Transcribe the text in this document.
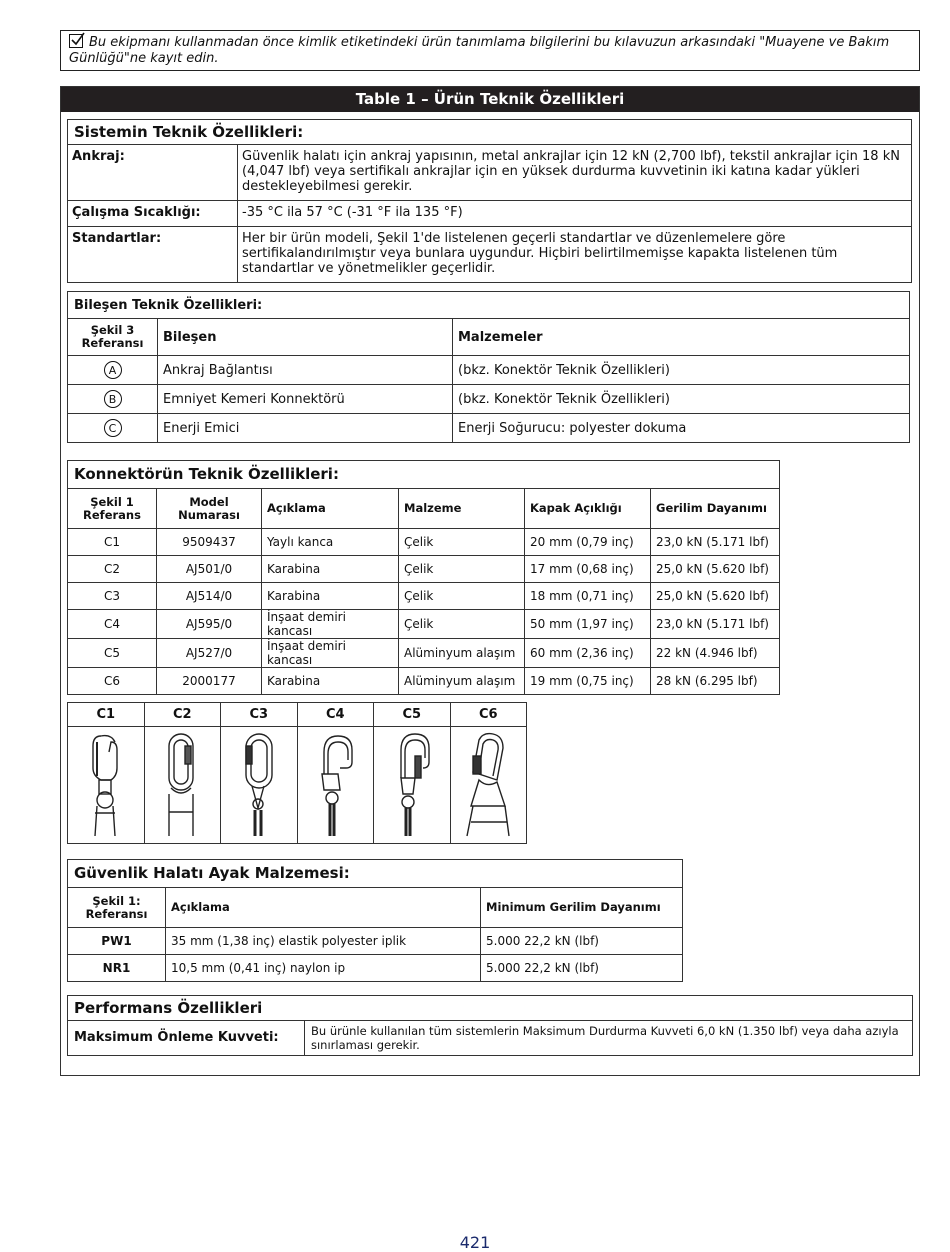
Bu ekipmanı kullanmadan önce kimlik etiketindeki ürün tanımlama bilgilerini bu kılavuzun arkasındaki "Muayene ve Bakım Günlüğü"ne kayıt edin.
Table 1 – Ürün Teknik Özellikleri
Sistemin Teknik Özellikleri:	
Ankraj:	Güvenlik halatı için ankraj yapısının, metal ankrajlar için 12 kN (2,700 lbf), tekstil ankrajlar için 18 kN (4,047 lbf) veya sertifikalı ankrajlar için en yüksek durdurma kuvvetinin iki katına kadar yükleri destekleyebilmesi gerekir.
Çalışma Sıcaklığı:	-35 °C ila 57 °C (-31 °F ila 135 °F)
Standartlar:	Her bir ürün modeli, Şekil 1'de listelenen geçerli standartlar ve düzenlemelere göre sertifikalandırılmıştır veya bunlara uygundur. Hiçbiri belirtilmemişse kapakta listelenen tüm standartlar ve yönetmelikler geçerlidir.
Bileşen Teknik Özellikleri:		
Şekil 3 Referansı	Bileşen	Malzemeler
A	Ankraj Bağlantısı	(bkz. Konektör Teknik Özellikleri)
B	Emniyet Kemeri Konnektörü	(bkz. Konektör Teknik Özellikleri)
C	Enerji Emici	Enerji Soğurucu: polyester dokuma
Konnektörün Teknik Özellikleri:					
Şekil 1 Referans	Model Numarası	Açıklama	Malzeme	Kapak Açıklığı	Gerilim Dayanımı
C1	9509437	Yaylı kanca	Çelik	20 mm (0,79 inç)	23,0 kN (5.171 lbf)
C2	AJ501/0	Karabina	Çelik	17 mm (0,68 inç)	25,0 kN (5.620 lbf)
C3	AJ514/0	Karabina	Çelik	18 mm (0,71 inç)	25,0 kN (5.620 lbf)
C4	AJ595/0	İnşaat demiri kancası	Çelik	50 mm (1,97 inç)	23,0 kN (5.171 lbf)
C5	AJ527/0	İnşaat demiri kancası	Alüminyum alaşım	60 mm (2,36 inç)	22 kN (4.946 lbf)
C6	2000177	Karabina	Alüminyum alaşım	19 mm (0,75 inç)	28 kN (6.295 lbf)
C1	C2	C3	C4	C5	C6

Güvenlik Halatı Ayak Malzemesi:		
Şekil 1: Referansı	Açıklama	Minimum Gerilim Dayanımı
PW1	35 mm (1,38 inç) elastik polyester iplik	5.000 22,2 kN (lbf)
NR1	10,5 mm (0,41 inç) naylon ip	5.000 22,2 kN (lbf)
Performans Özellikleri
Maksimum Önleme Kuvveti:	Bu ürünle kullanılan tüm sistemlerin Maksimum Durdurma Kuvveti 6,0 kN (1.350 lbf) veya daha azıyla sınırlaması gerekir.
421
